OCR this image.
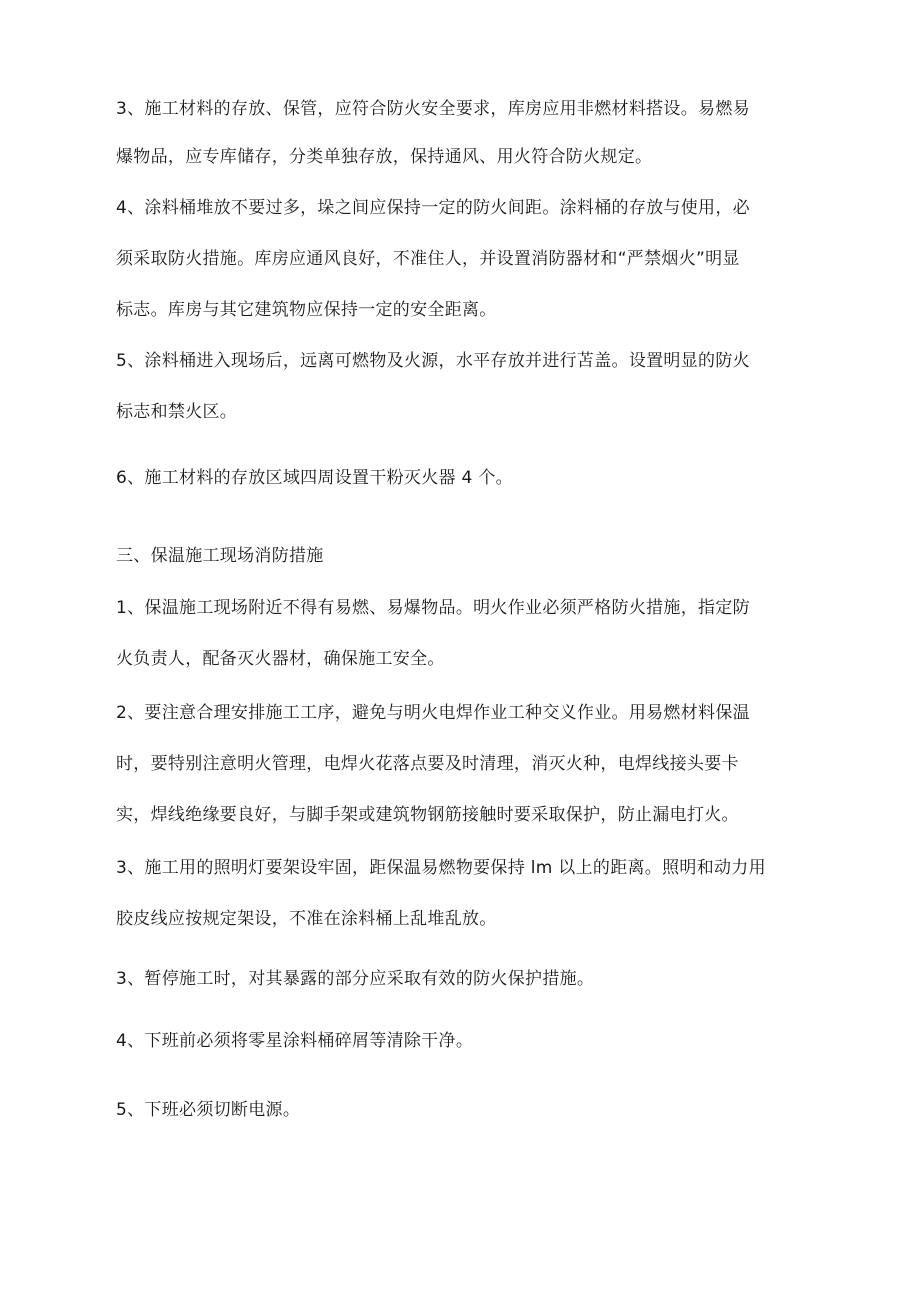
3、施工材料的存放、保管，应符合防火安全要求，库房应用非燃材料搭设。易燃易
爆物品，应专库储存，分类单独存放，保持通风、用火符合防火规定。
4、涂料桶堆放不要过多，垛之间应保持一定的防火间距。涂料桶的存放与使用，必
须采取防火措施。库房应通风良好，不准住人，并设置消防器材和“严禁烟火”明显
标志。库房与其它建筑物应保持一定的安全距离。
5、涂料桶进入现场后，远离可燃物及火源，水平存放并进行苫盖。设置明显的防火
标志和禁火区。
6、施工材料的存放区域四周设置干粉灭火器 4 个。
三、保温施工现场消防措施
1、保温施工现场附近不得有易燃、易爆物品。明火作业必须严格防火措施，指定防
火负责人，配备灭火器材，确保施工安全。
2、要注意合理安排施工工序，避免与明火电焊作业工种交义作业。用易燃材料保温
时，要特别注意明火管理，电焊火花落点要及时清理，消灭火种，电焊线接头要卡
实，焊线绝缘要良好，与脚手架或建筑物钢筋接触时要采取保护，防止漏电打火。
3、施工用的照明灯要架设牢固，距保温易燃物要保持 lm 以上的距离。照明和动力用
胶皮线应按规定架设，不准在涂料桶上乱堆乱放。
3、暂停施工时，对其暴露的部分应采取有效的防火保护措施。
4、下班前必须将零星涂料桶碎屑等清除干净。
5、下班必须切断电源。
